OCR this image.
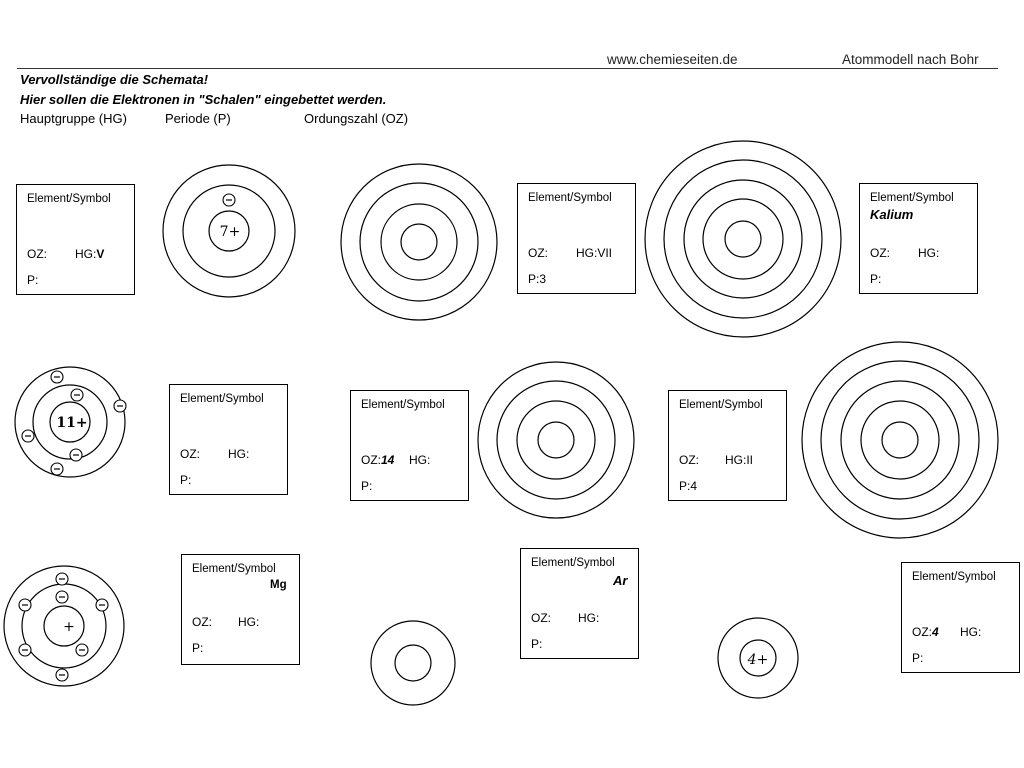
www.chemieseiten.de	Atommodell nach Bohr
Vervollständige die Schemata!
Hier sollen die Elektronen in "Schalen" eingebettet werden.
Hauptgruppe (HG)	Periode (P)	Ordungszahl (OZ)
7+
11+
+
4+
Element/Symbol
OZ: HG:V
P:
Element/Symbol
OZ: HG:VII
P:3
Element/Symbol
Kalium
OZ: HG:
P:
Element/Symbol
OZ: HG:
P:
Element/Symbol
OZ:14 HG:
P:
Element/Symbol
OZ: HG:II
P:4
Element/Symbol
Mg
OZ: HG:
P:
Element/Symbol
Ar
OZ: HG:
P:
Element/Symbol
OZ:4 HG:
P:
